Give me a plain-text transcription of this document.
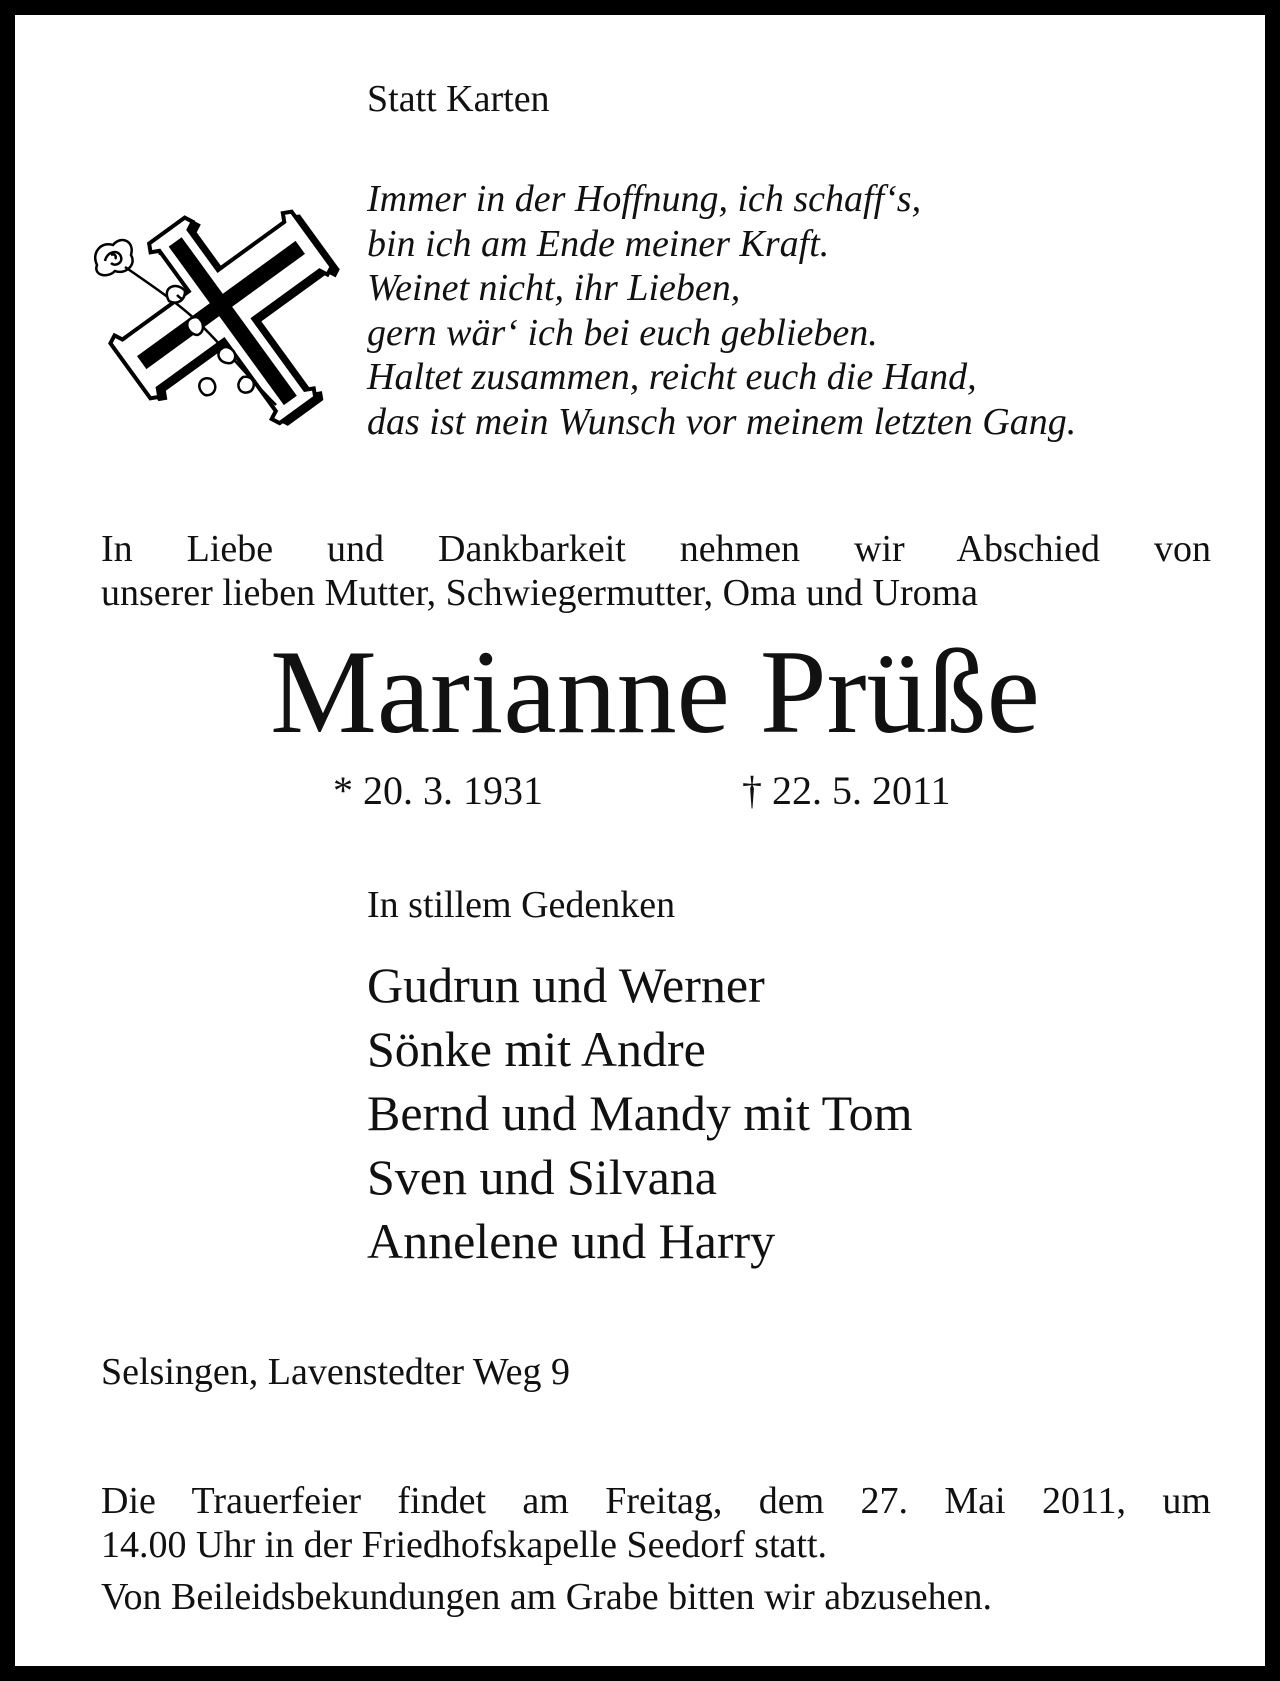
Statt Karten

Immer in der Hoffnung, ich schaff‘s,
bin ich am Ende meiner Kraft.
Weinet nicht, ihr Lieben,
gern wär‘ ich bei euch geblieben.
Haltet zusammen, reicht euch die Hand,
das ist mein Wunsch vor meinem letzten Gang.
In Liebe und Dankbarkeit nehmen wir Abschied von
unserer lieben Mutter, Schwiegermutter, Oma und Uroma
Marianne Prüße
* 20. 3. 1931	† 22. 5. 2011
In stillem Gedenken
Gudrun und Werner
Sönke mit Andre
Bernd und Mandy mit Tom
Sven und Silvana
Annelene und Harry
Selsingen, Lavenstedter Weg 9
Die Trauerfeier findet am Freitag, dem 27. Mai 2011, um
14.00 Uhr in der Friedhofskapelle Seedorf statt.
Von Beileidsbekundungen am Grabe bitten wir abzusehen.
